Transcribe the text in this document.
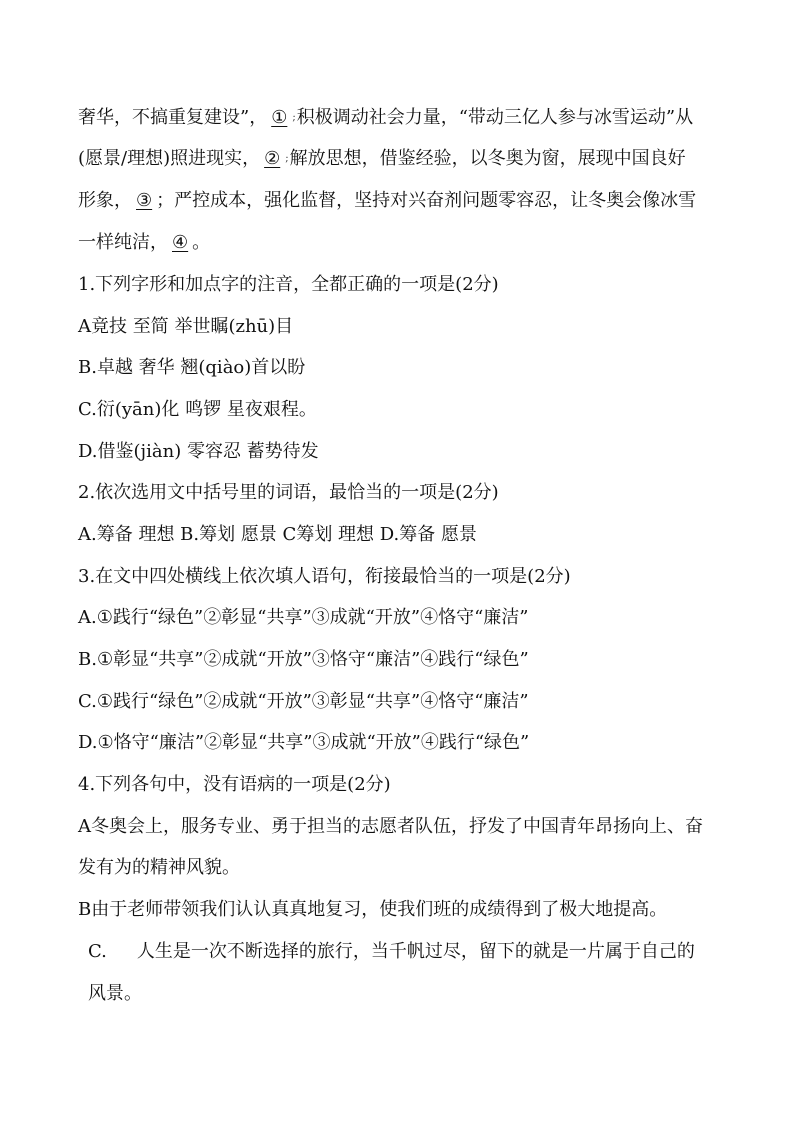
奢华，不搞重复建设”， ① ;积极调动社会力量，“带动三亿人参与冰雪运动”从
(愿景/理想)照进现实， ② ;解放思想，借鉴经验，以冬奥为窗，展现中国良好
形象， ③ ；严控成本，强化监督，坚持对兴奋剂问题零容忍，让冬奥会像冰雪
一样纯洁， ④ 。
1.下列字形和加点字的注音，全都正确的一项是(2分)
A竟技 至简 举世瞩(zhū)目
B.卓越 奢华 翘(qiào)首以盼
C.衍(yān)化 鸣锣 星夜艰程。
D.借鉴(jiàn) 零容忍 蓄势待发
2.依次选用文中括号里的词语，最恰当的一项是(2分)
A.筹备 理想 B.筹划 愿景 C筹划 理想 D.筹备 愿景
3.在文中四处横线上依次填人语句，衔接最恰当的一项是(2分)
A.①践行“绿色”②彰显“共享”③成就“开放”④恪守“廉洁”
B.①彰显“共享”②成就“开放”③恪守“廉洁”④践行“绿色”
C.①践行“绿色”②成就“开放”③彰显“共享”④恪守“廉洁”
D.①恪守“廉洁”②彰显“共享”③成就“开放”④践行“绿色”
4.下列各句中，没有语病的一项是(2分)
A冬奥会上，服务专业、勇于担当的志愿者队伍，抒发了中国青年昂扬向上、奋
发有为的精神风貌。
B由于老师带领我们认认真真地复习，使我们班的成绩得到了极大地提高。
C. 人生是一次不断选择的旅行，当千帆过尽，留下的就是一片属于自己的
风景。
